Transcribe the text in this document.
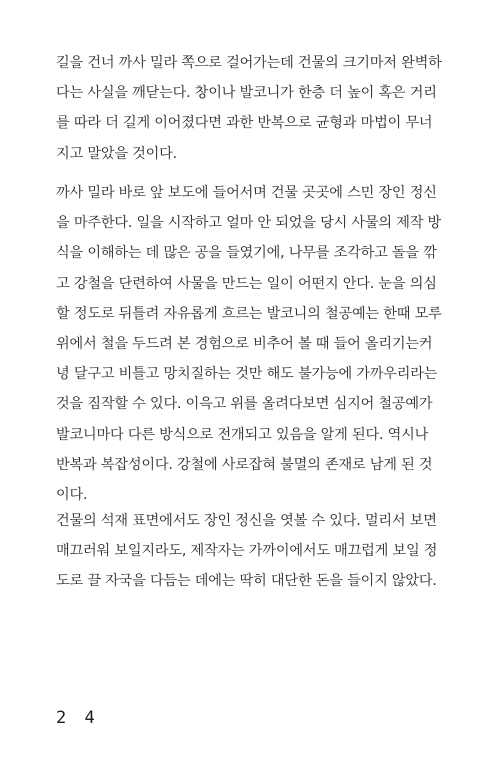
길을 건너 까사 밀라 쪽으로 걸어가는데 건물의 크기마저 완벽하
다는 사실을 깨닫는다. 창이나 발코니가 한층 더 높이 혹은 거리
를 따라 더 길게 이어졌다면 과한 반복으로 균형과 마법이 무너
지고 말았을 것이다.
까사 밀라 바로 앞 보도에 들어서며 건물 곳곳에 스민 장인 정신
을 마주한다. 일을 시작하고 얼마 안 되었을 당시 사물의 제작 방
식을 이해하는 데 많은 공을 들였기에, 나무를 조각하고 돌을 깎
고 강철을 단련하여 사물을 만드는 일이 어떤지 안다. 눈을 의심
할 정도로 뒤틀려 자유롭게 흐르는 발코니의 철공예는 한때 모루
위에서 철을 두드려 본 경험으로 비추어 볼 때 들어 올리기는커
녕 달구고 비틀고 망치질하는 것만 해도 불가능에 가까우리라는
것을 짐작할 수 있다. 이윽고 위를 올려다보면 심지어 철공예가
발코니마다 다른 방식으로 전개되고 있음을 알게 된다. 역시나
반복과 복잡성이다. 강철에 사로잡혀 불멸의 존재로 남게 된 것
이다.
건물의 석재 표면에서도 장인 정신을 엿볼 수 있다. 멀리서 보면
매끄러워 보일지라도, 제작자는 가까이에서도 매끄럽게 보일 정
도로 끌 자국을 다듬는 데에는 딱히 대단한 돈을 들이지 않았다.
2 4
